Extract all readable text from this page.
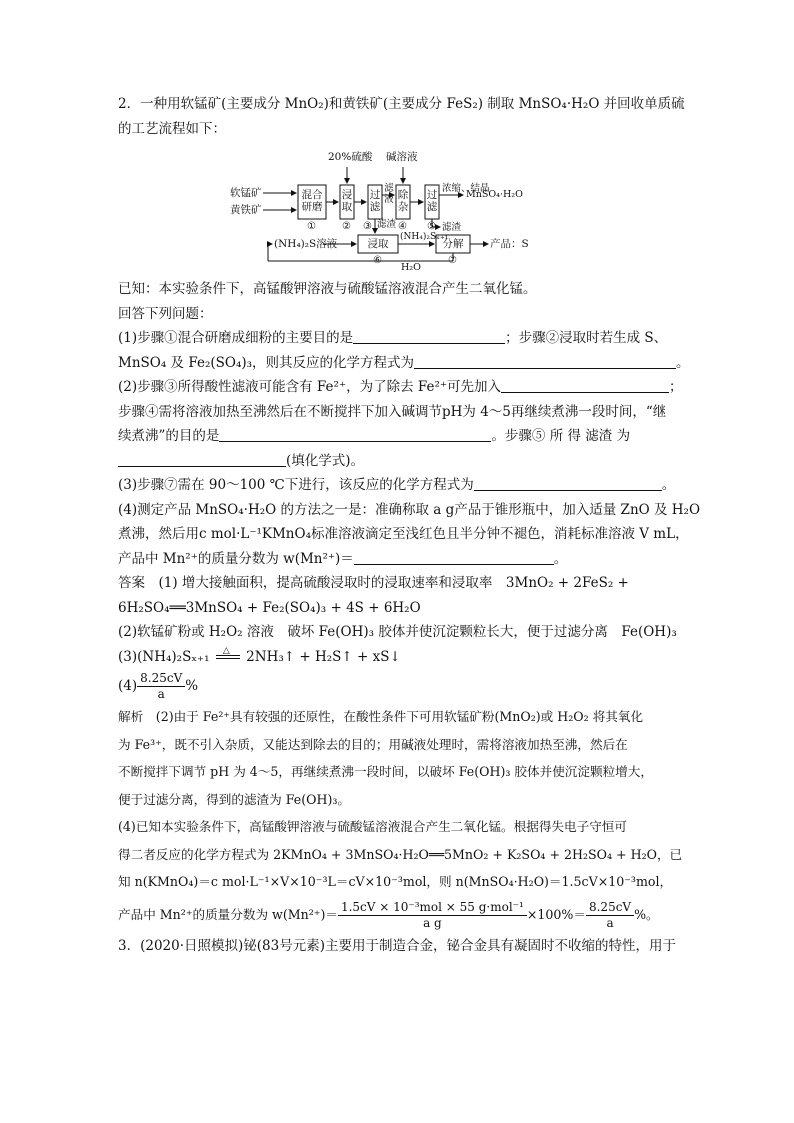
2．一种用软锰矿(主要成分 MnO₂)和黄铁矿(主要成分 FeS₂) 制取 MnSO₄·H₂O 并回收单质硫

的工艺流程如下：

20%硫酸 碱溶液
软锰矿
黄铁矿
混合研磨
浸取
过滤
除杂
过滤
滤液
滤渣	滤渣
浓缩、结晶
MnSO₄·H₂O
(NH₄)₂S溶液	浸取	分解
(NH₄)₂Sₓ₊₁
产品：S
H₂O
①	② ③	④ ⑤
⑥	⑦

已知：本实验条件下，高锰酸钾溶液与硫酸锰溶液混合产生二氧化锰。

回答下列问题：

(1)步骤①混合研磨成细粉的主要目的是	；步骤②浸取时若生成 S、

MnSO₄ 及 Fe₂(SO₄)₃，则其反应的化学方程式为	。

(2)步骤③所得酸性滤液可能含有 Fe²⁺，为了除去 Fe²⁺可先加入	；

步骤④需将溶液加热至沸然后在不断搅拌下加入碱调节pH为 4～5再继续煮沸一段时间，“继

续煮沸”的目的是	。步骤⑤ 所 得 滤渣 为

(填化学式)。

(3)步骤⑦需在 90～100 ℃下进行，该反应的化学方程式为	。

(4)测定产品 MnSO₄·H₂O 的方法之一是：准确称取 a g产品于锥形瓶中，加入适量 ZnO 及 H₂O

煮沸，然后用c mol·L⁻¹KMnO₄标准溶液滴定至浅红色且半分钟不褪色，消耗标准溶液 V mL，

产品中 Mn²⁺的质量分数为 w(Mn²⁺)＝	。

答案　(1) 增大接触面积，提高硫酸浸取时的浸取速率和浸取率　3MnO₂ + 2FeS₂ +

6H₂SO₄══3MnSO₄ + Fe₂(SO₄)₃ + 4S + 6H₂O

(2)软锰矿粉或 H₂O₂ 溶液　破坏 Fe(OH)₃ 胶体并使沉淀颗粒长大，便于过滤分离　Fe(OH)₃

(3)(NH₄)₂Sₓ₊₁ △ 2NH₃↑ + H₂S↑ + xS↓

$(4) \frac{8.25cV}{a}$ %

解析　(2)由于 Fe²⁺具有较强的还原性，在酸性条件下可用软锰矿粉(MnO₂)或 H₂O₂ 将其氧化

为 Fe³⁺，既不引入杂质，又能达到除去的目的；用碱液处理时，需将溶液加热至沸，然后在

不断搅拌下调节 pH 为 4～5，再继续煮沸一段时间，以破坏 Fe(OH)₃ 胶体并使沉淀颗粒增大，

便于过滤分离，得到的滤渣为 Fe(OH)₃。

(4)已知本实验条件下，高锰酸钾溶液与硫酸锰溶液混合产生二氧化锰。根据得失电子守恒可

得二者反应的化学方程式为 2KMnO₄ + 3MnSO₄·H₂O══5MnO₂ + K₂SO₄ + 2H₂SO₄ + H₂O，已

知 n(KMnO₄)＝c mol·L⁻¹×V×10⁻³L＝cV×10⁻³mol，则 n(MnSO₄·H₂O)＝1.5cV×10⁻³mol，

产品中 Mn²⁺的质量分数为 $w(Mn^{2+})= \frac{\text{1.5cV × 10⁻³mol × 55 g·mol⁻¹}}{\text{a g}} \times 100\%= \frac{8.25cV}{a}$ %。

3．(2020·日照模拟)铋(83号元素)主要用于制造合金，铋合金具有凝固时不收缩的特性，用于
